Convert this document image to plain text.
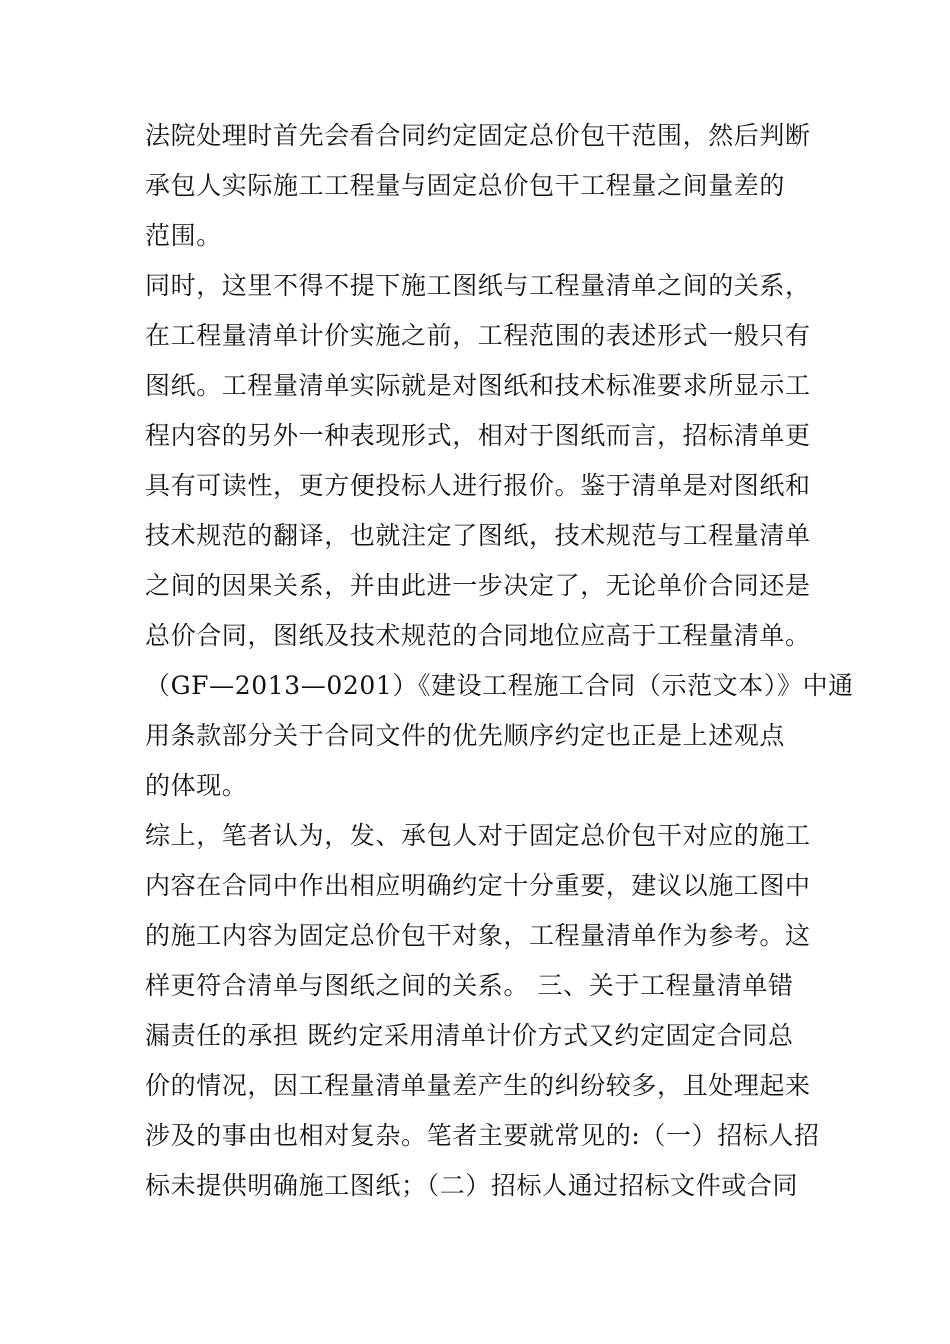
法院处理时首先会看合同约定固定总价包干范围，然后判断
承包人实际施工工程量与固定总价包干工程量之间量差的
范围。
同时，这里不得不提下施工图纸与工程量清单之间的关系，
在工程量清单计价实施之前，工程范围的表述形式一般只有
图纸。工程量清单实际就是对图纸和技术标准要求所显示工
程内容的另外一种表现形式，相对于图纸而言，招标清单更
具有可读性，更方便投标人进行报价。鉴于清单是对图纸和
技术规范的翻译，也就注定了图纸，技术规范与工程量清单
之间的因果关系，并由此进一步决定了，无论单价合同还是
总价合同，图纸及技术规范的合同地位应高于工程量清单。
（GF—2013—0201）《建设工程施工合同（示范文本）》中通
用条款部分关于合同文件的优先顺序约定也正是上述观点
的体现。
综上，笔者认为，发、承包人对于固定总价包干对应的施工
内容在合同中作出相应明确约定十分重要，建议以施工图中
的施工内容为固定总价包干对象，工程量清单作为参考。这
样更符合清单与图纸之间的关系。 三、关于工程量清单错
漏责任的承担 既约定采用清单计价方式又约定固定合同总
价的情况，因工程量清单量差产生的纠纷较多，且处理起来
涉及的事由也相对复杂。笔者主要就常见的:（一）招标人招
标未提供明确施工图纸；（二）招标人通过招标文件或合同
